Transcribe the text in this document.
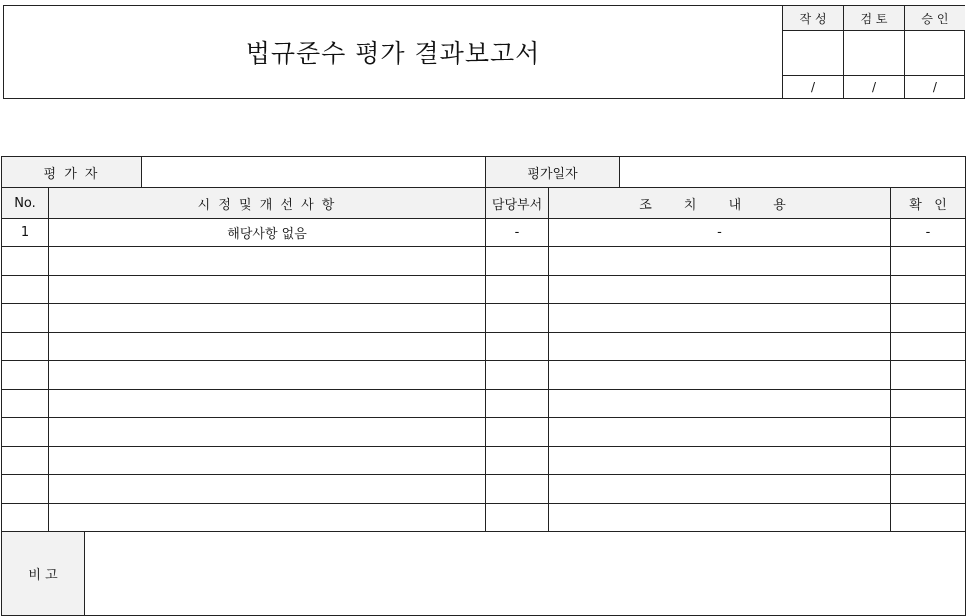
법규준수 평가 결과보고서
작 성	검 토	승 인

/	/	/
평 가 자			평가일자			
No.	시 정 및 개 선 사 항		담당부서	조 치 내 용		확   인
1	해당사항 없음		-	-		-

비 고						
